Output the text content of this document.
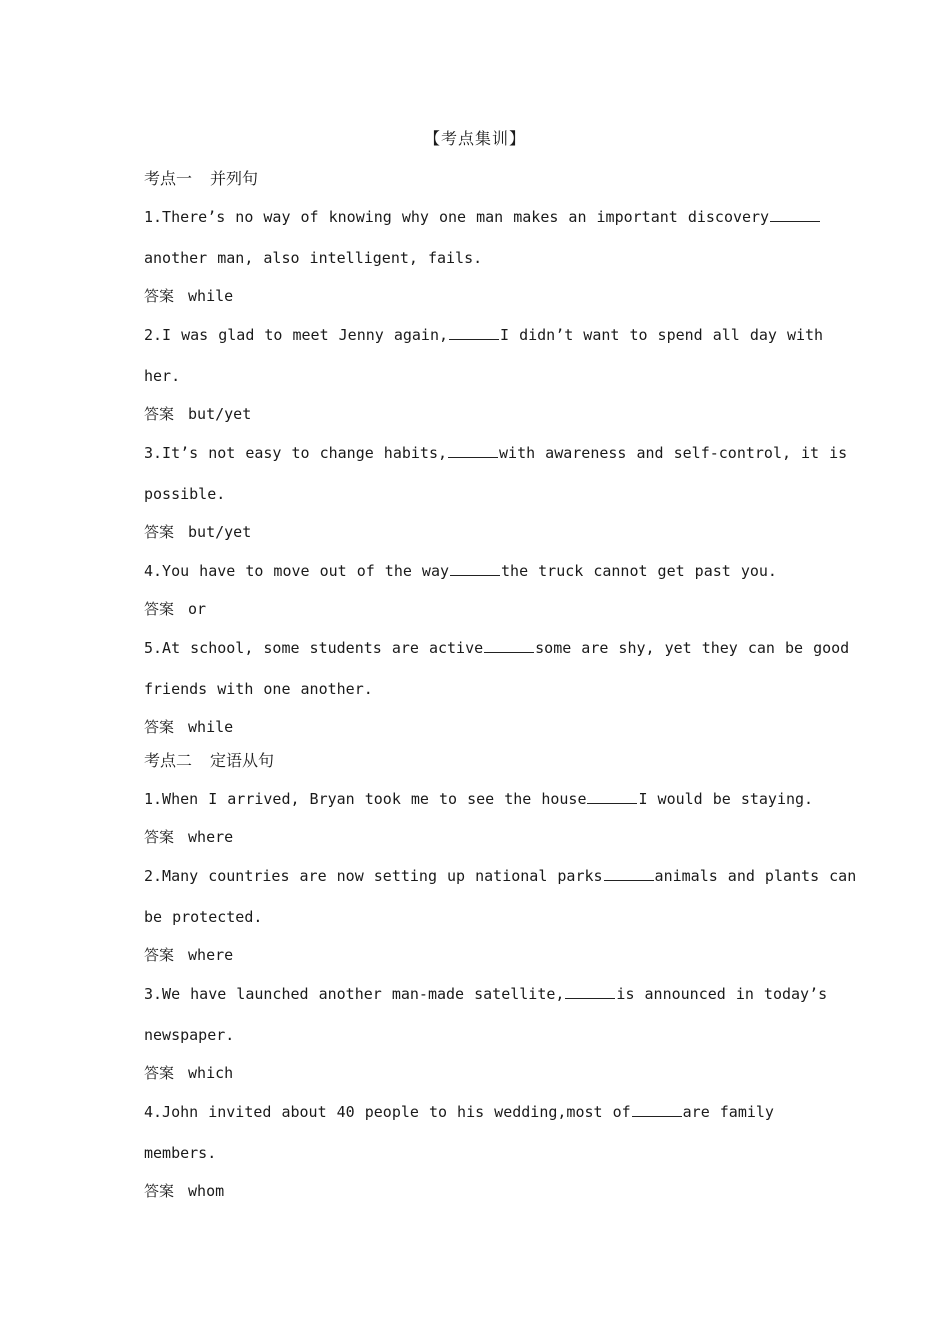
【考点集训】
考点一 并列句
1.There’s no way of knowing why one man makes an important discovery
another man, also intelligent, fails.
答案 while
2.I was glad to meet Jenny again,	I didn’t want to spend all day with
her.
答案 but/yet
3.It’s not easy to change habits,	with awareness and self-control, it is
possible.
答案 but/yet
4.You have to move out of the way	the truck cannot get past you.
答案 or
5.At school, some students are active	some are shy, yet they can be good
friends with one another.
答案 while
考点二 定语从句
1.When I arrived, Bryan took me to see the house	I would be staying.
答案 where
2.Many countries are now setting up national parks	animals and plants can
be protected.
答案 where
3.We have launched another man-made satellite,	is announced in today’s
newspaper.
答案 which
4.John invited about 40 people to his wedding,most of	are family
members.
答案 whom
